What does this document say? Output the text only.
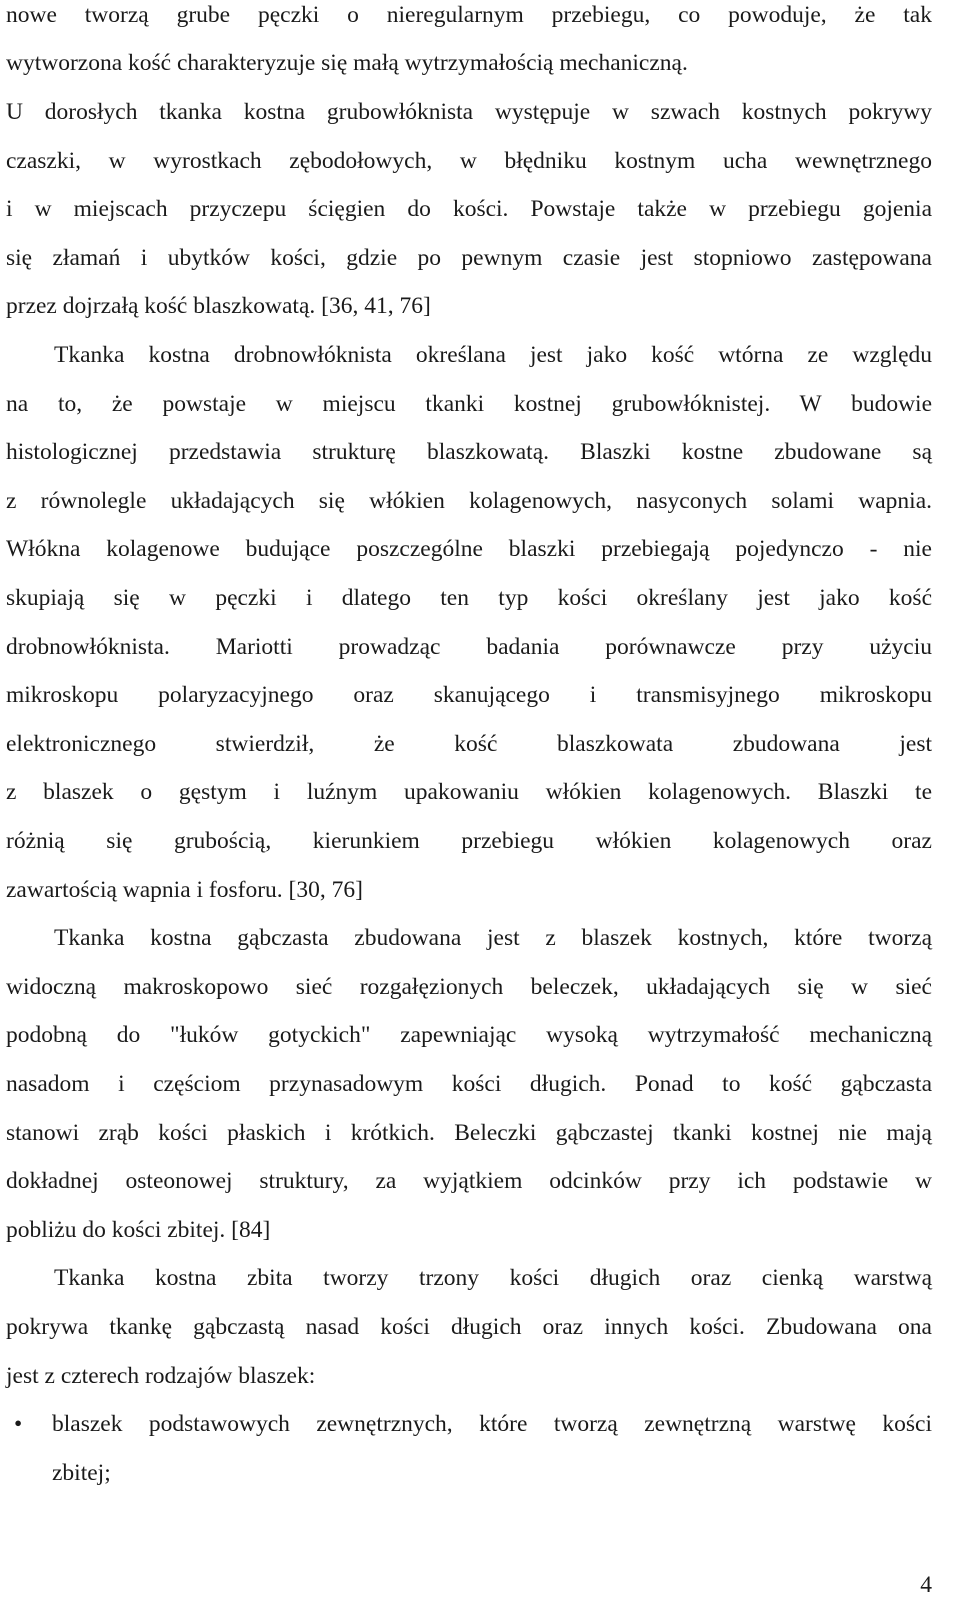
nowe tworzą grube pęczki o nieregularnym przebiegu, co powoduje, że tak
wytworzona kość charakteryzuje się małą wytrzymałością mechaniczną.
U dorosłych tkanka kostna grubowłóknista występuje w szwach kostnych pokrywy
czaszki, w wyrostkach zębodołowych, w błędniku kostnym ucha wewnętrznego
i w miejscach przyczepu ścięgien do kości. Powstaje także w przebiegu gojenia
się złamań i ubytków kości, gdzie po pewnym czasie jest stopniowo zastępowana
przez dojrzałą kość blaszkowatą. [36, 41, 76]
Tkanka kostna drobnowłóknista określana jest jako kość wtórna ze względu
na to, że powstaje w miejscu tkanki kostnej grubowłóknistej. W budowie
histologicznej przedstawia strukturę blaszkowatą. Blaszki kostne zbudowane są
z równolegle układających się włókien kolagenowych, nasyconych solami wapnia.
Włókna kolagenowe budujące poszczególne blaszki przebiegają pojedynczo - nie
skupiają się w pęczki i dlatego ten typ kości określany jest jako kość
drobnowłóknista. Mariotti prowadząc badania porównawcze przy użyciu
mikroskopu polaryzacyjnego oraz skanującego i transmisyjnego mikroskopu
elektronicznego stwierdził, że kość blaszkowata zbudowana jest
z blaszek o gęstym i luźnym upakowaniu włókien kolagenowych. Blaszki te
różnią się grubością, kierunkiem przebiegu włókien kolagenowych oraz
zawartością wapnia i fosforu. [30, 76]
Tkanka kostna gąbczasta zbudowana jest z blaszek kostnych, które tworzą
widoczną makroskopowo sieć rozgałęzionych beleczek, układających się w sieć
podobną do "łuków gotyckich" zapewniając wysoką wytrzymałość mechaniczną
nasadom i częściom przynasadowym kości długich. Ponad to kość gąbczasta
stanowi zrąb kości płaskich i krótkich. Beleczki gąbczastej tkanki kostnej nie mają
dokładnej osteonowej struktury, za wyjątkiem odcinków przy ich podstawie w
pobliżu do kości zbitej. [84]
Tkanka kostna zbita tworzy trzony kości długich oraz cienką warstwą
pokrywa tkankę gąbczastą nasad kości długich oraz innych kości. Zbudowana ona
jest z czterech rodzajów blaszek:
• blaszek podstawowych zewnętrznych, które tworzą zewnętrzną warstwę kości
zbitej;
4
